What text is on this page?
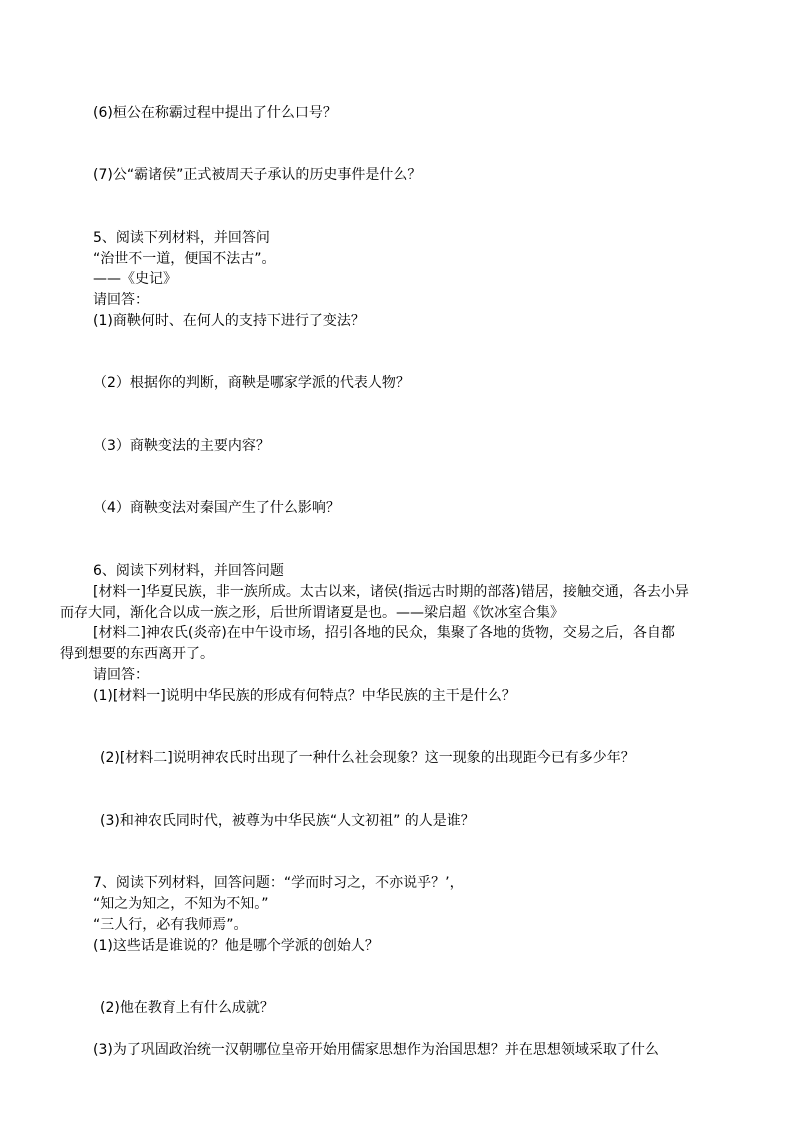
(6)桓公在称霸过程中提出了什么口号？
(7)公“霸诸侯”正式被周天子承认的历史事件是什么？
5、阅读下列材料，并回答问
“治世不一道，便国不法古”。
——《史记》
请回答：
(1)商鞅何时、在何人的支持下进行了变法？
（2）根据你的判断，商鞅是哪家学派的代表人物？
（3）商鞅变法的主要内容？
（4）商鞅变法对秦国产生了什么影响？
6、阅读下列材料，并回答问题
[材料一]华夏民族，非一族所成。太古以来，诸侯(指远古时期的部落)错居，接触交通，各去小异
而存大同，渐化合以成一族之形，后世所谓诸夏是也。——梁启超《饮冰室合集》
[材料二]神农氏(炎帝)在中午设市场，招引各地的民众，集聚了各地的货物，交易之后，各自都
得到想要的东西离开了。
请回答：
(1)[材料一]说明中华民族的形成有何特点？中华民族的主干是什么？
(2)[材料二]说明神农氏时出现了一种什么社会现象？这一现象的出现距今已有多少年？
(3)和神农氏同时代，被尊为中华民族“人文初祖” 的人是谁？
7、阅读下列材料，回答问题：“学而时习之，不亦说乎？’，
“知之为知之，不知为不知。”
“三人行，必有我师焉”。
(1)这些话是谁说的？他是哪个学派的创始人？
(2)他在教育上有什么成就？
(3)为了巩固政治统一汉朝哪位皇帝开始用儒家思想作为治国思想？并在思想领域采取了什么
